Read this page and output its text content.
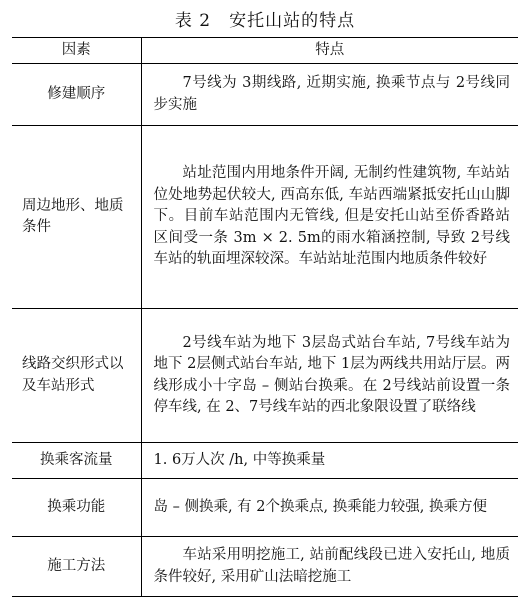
表 2　安托山站的特点
因素	特点
修建顺序	7号线为 3期线路, 近期实施, 换乘节点与 2号线同步实施
周边地形、地质条件	站址范围内用地条件开阔, 无制约性建筑物, 车站站位处地势起伏较大, 西高东低, 车站西端紧抵安托山山脚下。目前车站范围内无管线, 但是安托山站至侨香路站区间受一条 3m × 2. 5m的雨水箱涵控制, 导致 2号线车站的轨面埋深较深。车站站址范围内地质条件较好
线路交织形式以及车站形式	2号线车站为地下 3层岛式站台车站, 7号线车站为地下 2层侧式站台车站, 地下 1层为两线共用站厅层。两线形成小十字岛 – 侧站台换乘。在 2号线站前设置一条停车线, 在 2、7号线车站的西北象限设置了联络线
换乘客流量	1. 6万人次 /h, 中等换乘量
换乘功能	岛 – 侧换乘, 有 2个换乘点, 换乘能力较强, 换乘方便
施工方法	车站采用明挖施工, 站前配线段已进入安托山, 地质条件较好, 采用矿山法暗挖施工
